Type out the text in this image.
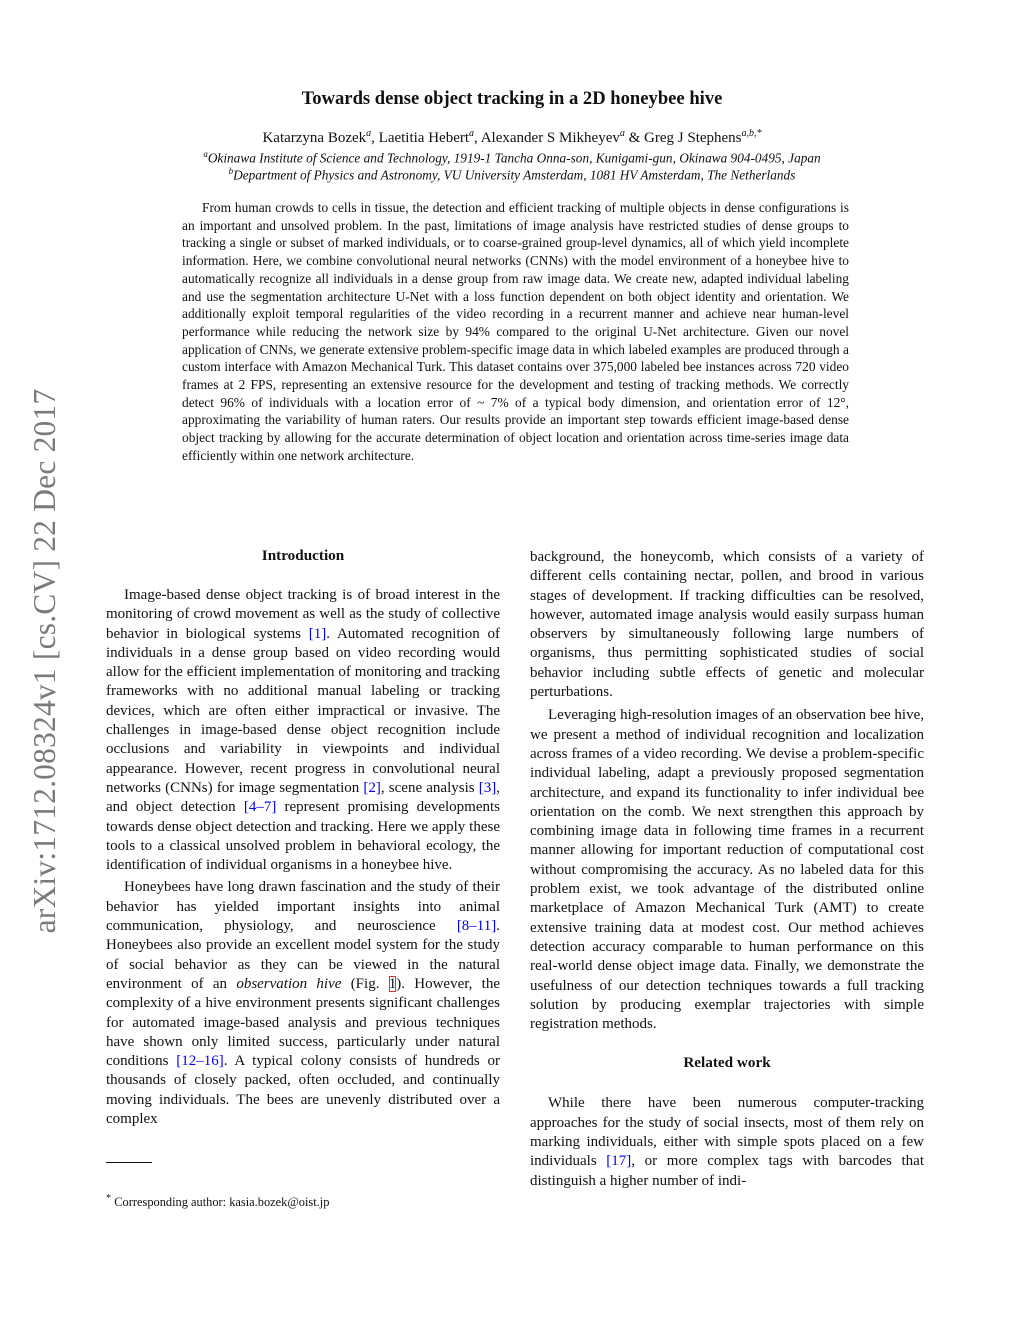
arXiv:1712.08324v1 [cs.CV] 22 Dec 2017
Towards dense object tracking in a 2D honeybee hive
Katarzyna Bozek$^a$, Laetitia Hebert$^a$, Alexander S Mikheyev$^a$ & Greg J Stephens$^{a,b,*}$
$^a$Okinawa Institute of Science and Technology, 1919-1 Tancha Onna-son, Kunigami-gun, Okinawa 904-0495, Japan
$^b$Department of Physics and Astronomy, VU University Amsterdam, 1081 HV Amsterdam, The Netherlands

From human crowds to cells in tissue, the detection and efficient tracking of multiple objects in dense configurations is an important and unsolved problem. In the past, limitations of image analysis have restricted studies of dense groups to tracking a single or subset of marked individuals, or to coarse-grained group-level dynamics, all of which yield incomplete information. Here, we combine convolutional neural networks (CNNs) with the model environment of a honeybee hive to automatically recognize all individuals in a dense group from raw image data. We create new, adapted individual labeling and use the segmentation architecture U-Net with a loss function dependent on both object identity and orientation. We additionally exploit temporal regularities of the video recording in a recurrent manner and achieve near human-level performance while reducing the network size by 94% compared to the original U-Net architecture. Given our novel application of CNNs, we generate extensive problem-specific image data in which labeled examples are produced through a custom interface with Amazon Mechanical Turk. This dataset contains over 375,000 labeled bee instances across 720 video frames at 2 FPS, representing an extensive resource for the development and testing of tracking methods. We correctly detect 96% of individuals with a location error of ~ 7% of a typical body dimension, and orientation error of 12°, approximating the variability of human raters. Our results provide an important step towards efficient image-based dense object tracking by allowing for the accurate determination of object location and orientation across time-series image data efficiently within one network architecture.

Introduction

Image-based dense object tracking is of broad interest in the monitoring of crowd movement as well as the study of collective behavior in biological systems [1]. Automated recognition of individuals in a dense group based on video recording would allow for the efficient implementation of monitoring and tracking frameworks with no additional manual labeling or tracking devices, which are often either impractical or invasive. The challenges in image-based dense object recognition include occlusions and variability in viewpoints and individual appearance. However, recent progress in convolutional neural networks (CNNs) for image segmentation [2], scene analysis [3], and object detection [4–7] represent promising developments towards dense object detection and tracking. Here we apply these tools to a classical unsolved problem in behavioral ecology, the identification of individual organisms in a honeybee hive.

Honeybees have long drawn fascination and the study of their behavior has yielded important insights into animal communication, physiology, and neuroscience [8–11]. Honeybees also provide an excellent model system for the study of social behavior as they can be viewed in the natural environment of an observation hive (Fig. 1). However, the complexity of a hive environment presents significant challenges for automated image-based analysis and previous techniques have shown only limited success, particularly under natural conditions [12–16]. A typical colony consists of hundreds or thousands of closely packed, often occluded, and continually moving individuals. The bees are unevenly distributed over a complex

background, the honeycomb, which consists of a variety of different cells containing nectar, pollen, and brood in various stages of development. If tracking difficulties can be resolved, however, automated image analysis would easily surpass human observers by simultaneously following large numbers of organisms, thus permitting sophisticated studies of social behavior including subtle effects of genetic and molecular perturbations.

Leveraging high-resolution images of an observation bee hive, we present a method of individual recognition and localization across frames of a video recording. We devise a problem-specific individual labeling, adapt a previously proposed segmentation architecture, and expand its functionality to infer individual bee orientation on the comb. We next strengthen this approach by combining image data in following time frames in a recurrent manner allowing for important reduction of computational cost without compromising the accuracy. As no labeled data for this problem exist, we took advantage of the distributed online marketplace of Amazon Mechanical Turk (AMT) to create extensive training data at modest cost. Our method achieves detection accuracy comparable to human performance on this real-world dense object image data. Finally, we demonstrate the usefulness of our detection techniques towards a full tracking solution by producing exemplar trajectories with simple registration methods.

Related work

While there have been numerous computer-tracking approaches for the study of social insects, most of them rely on marking individuals, either with simple spots placed on a few individuals [17], or more complex tags with barcodes that distinguish a higher number of indi-

* Corresponding author: kasia.bozek@oist.jp
